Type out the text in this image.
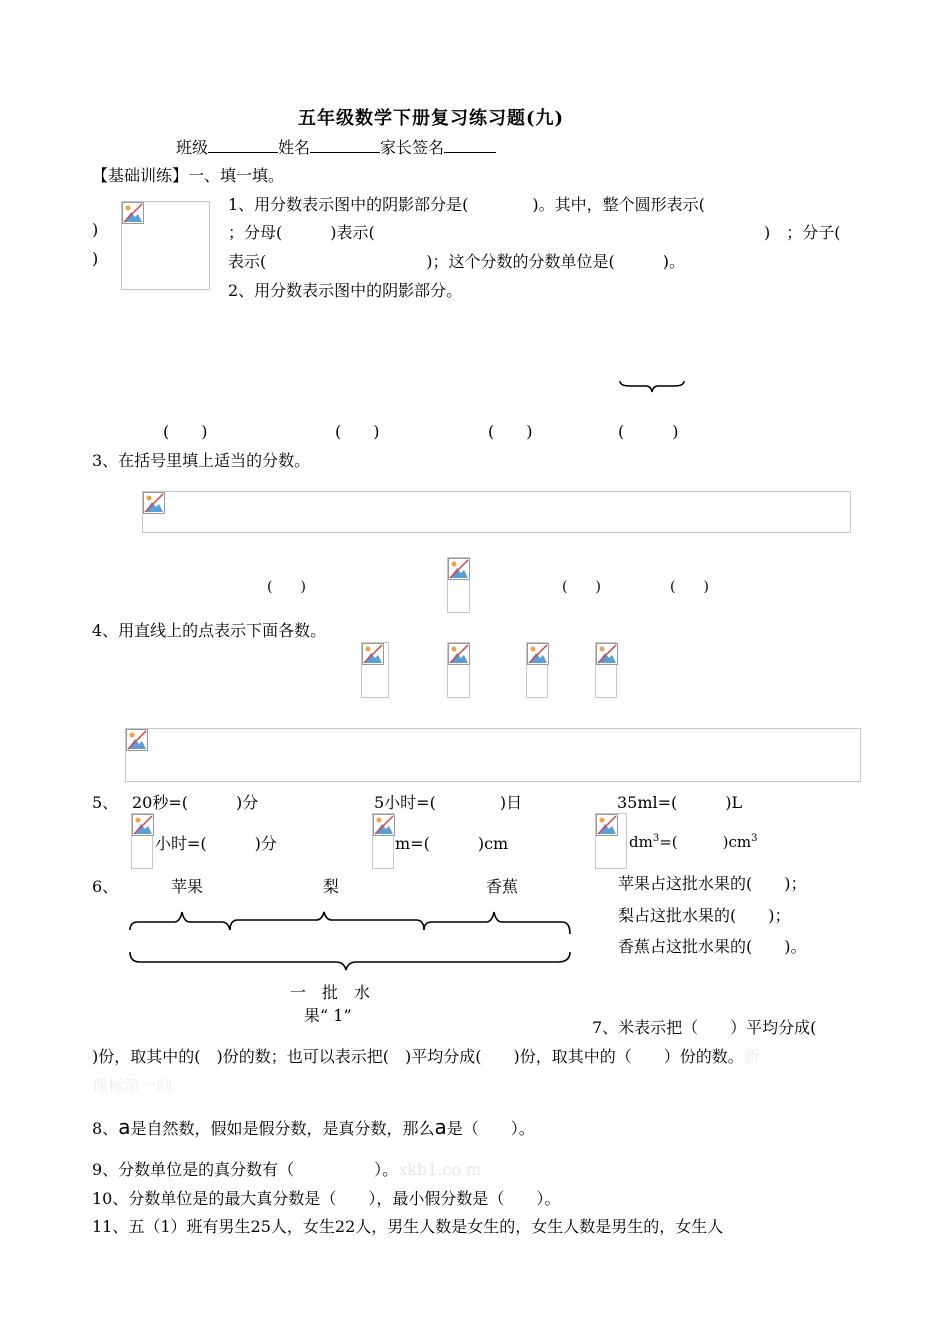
五年级数学下册复习练习题(九)
班级	姓名	家长签名
【基础训练】一、填一填。
1、用分数表示图中的阴影部分是(　　　　)。其中，整个圆形表示(
)	；分母(　　　)表示(	)　；分子(
)	表示(　　　　　　　　　　)；这个分数的分数单位是(　　　)。
2、用分数表示图中的阴影部分。
(　　)	(　　)	(　　)	(　　　)
3、在括号里填上适当的分数。
(　　)	(　　)	(　　)
4、用直线上的点表示下面各数。
5、 20秒=(　　　)分	5小时=(　　　　)日	35ml=(　　　)L
小时=(　　　)分	m=(　　　)cm	$dm^3=$(　　　)$cm^3$
6、	苹果	梨	香蕉
一　批　水
果“ 1”
苹果占这批水果的(　　)；
梨占这批水果的(　　)；
香蕉占这批水果的(　　)。
7、米表示把（　　）平均分成(
)份，取其中的(　)份的数；也可以表示把(　)平均分成(　　)份，取其中的（　　）份的数。新
课标第一网
8、a是自然数，假如是假分数，是真分数，那么a是（　　）。
9、分数单位是的真分数有（　　　　　）。xkb1.co m
10、分数单位是的最大真分数是（　　），最小假分数是（　　）。
11、五（1）班有男生25人，女生22人，男生人数是女生的，女生人数是男生的，女生人
